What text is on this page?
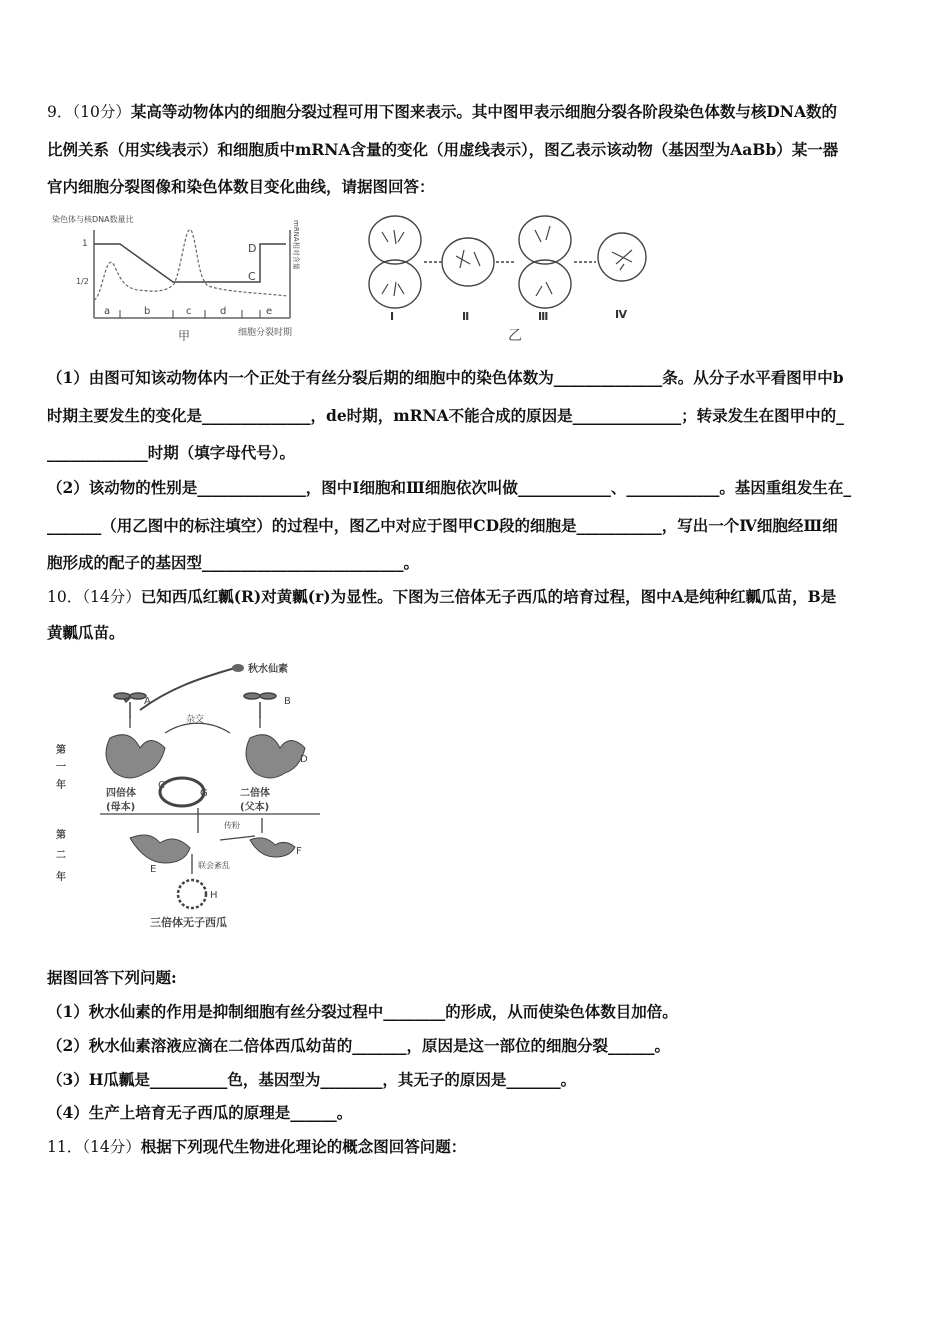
9．（10分）某高等动物体内的细胞分裂过程可用下图来表示。其中图甲表示细胞分裂各阶段染色体数与核DNA数的
比例关系（用实线表示）和细胞质中mRNA含量的变化（用虚线表示），图乙表示该动物（基因型为AaBb）某一器
官内细胞分裂图像和染色体数目变化曲线，请据图回答：
染色体与核DNA数量比
1
1/2
a	b	c	d	e
D
C
mRNA相对含量
甲	细胞分裂时期
Ⅰ	Ⅱ	Ⅲ	Ⅳ
乙
（1）由图可知该动物体内一个正处于有丝分裂后期的细胞中的染色体数为______________条。从分子水平看图甲中b
时期主要发生的变化是______________，de时期，mRNA不能合成的原因是______________；转录发生在图甲中的_
_____________时期（填字母代号）。
（2）该动物的性别是______________，图中Ⅰ细胞和Ⅲ细胞依次叫做____________、____________。基因重组发生在_
_______（用乙图中的标注填空）的过程中，图乙中对应于图甲CD段的细胞是___________，写出一个Ⅳ细胞经Ⅲ细
胞形成的配子的基因型__________________________。
10．（14分）已知西瓜红瓤(R)对黄瓤(r)为显性。下图为三倍体无子西瓜的培育过程，图中A是纯种红瓤瓜苗，B是
黄瓤瓜苗。
秋水仙素
A	B
杂交
C
D
第
一
年
第
二
年
G
四倍体
(母本)
二倍体
(父本)
传粉
E
F
联会紊乱
H
三倍体无子西瓜
据图回答下列问题:
（1）秋水仙素的作用是抑制细胞有丝分裂过程中________的形成，从而使染色体数目加倍。
（2）秋水仙素溶液应滴在二倍体西瓜幼苗的_______，原因是这一部位的细胞分裂______。
（3）H瓜瓤是__________色，基因型为________，其无子的原因是_______。
（4）生产上培育无子西瓜的原理是______。
11．（14分）根据下列现代生物进化理论的概念图回答问题：
